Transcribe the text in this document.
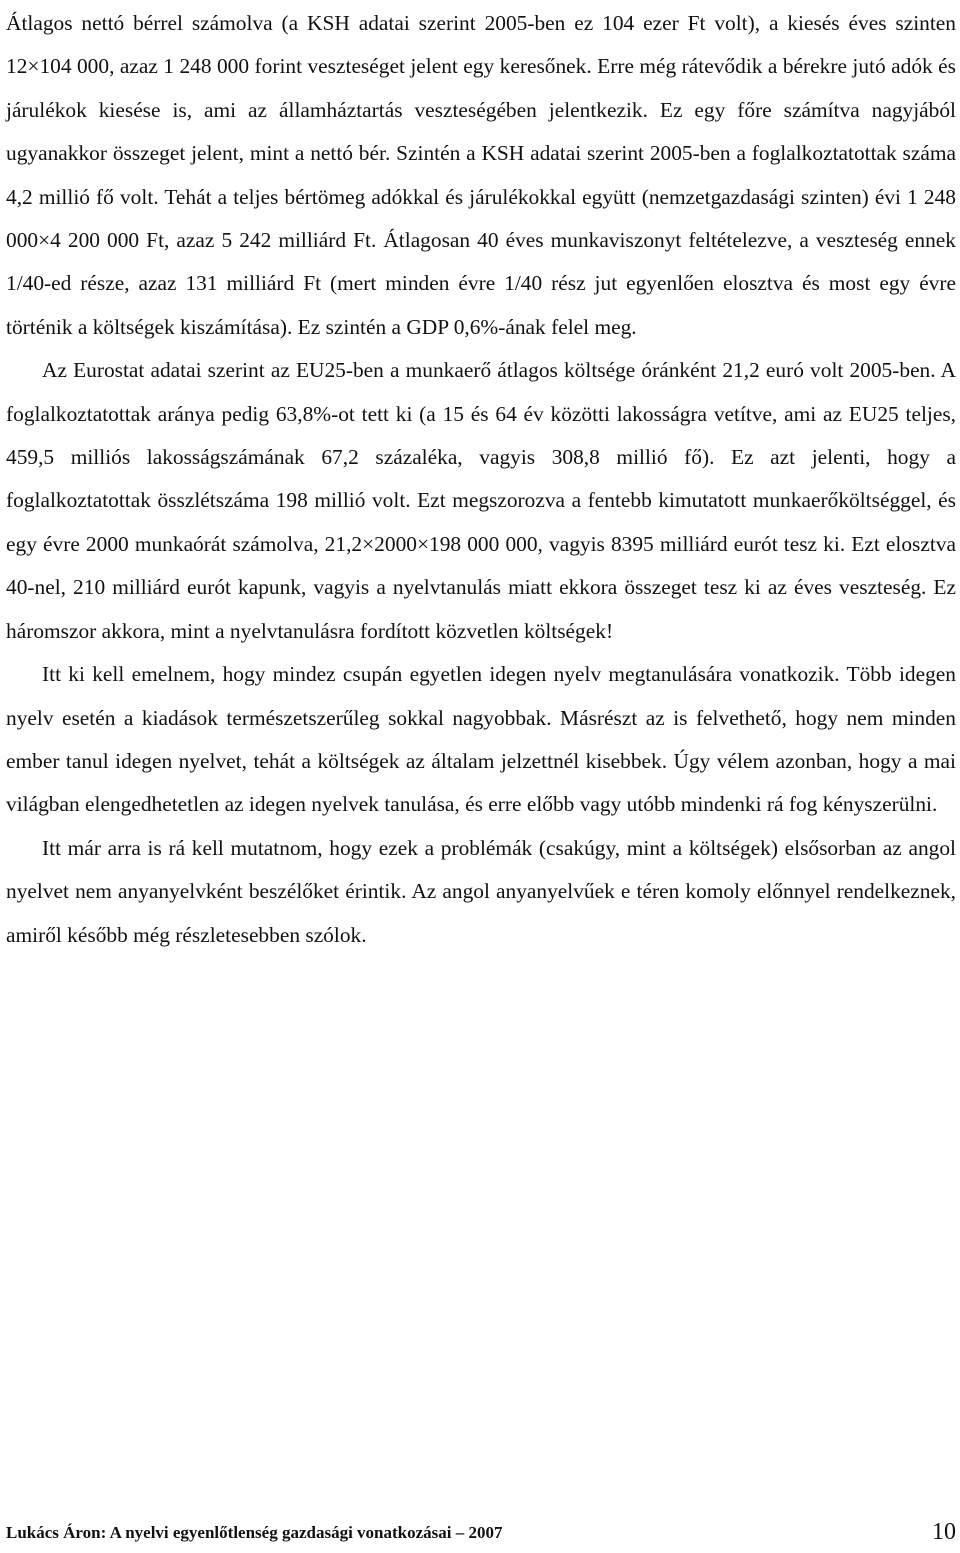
Átlagos nettó bérrel számolva (a KSH adatai szerint 2005-ben ez 104 ezer Ft volt), a kiesés éves szinten 12×104 000, azaz 1 248 000 forint veszteséget jelent egy keresőnek. Erre még rátevődik a bérekre jutó adók és járulékok kiesése is, ami az államháztartás veszteségében jelentkezik. Ez egy főre számítva nagyjából ugyanakkor összeget jelent, mint a nettó bér. Szintén a KSH adatai szerint 2005-ben a foglalkoztatottak száma 4,2 millió fő volt. Tehát a teljes bértömeg adókkal és járulékokkal együtt (nemzetgazdasági szinten) évi 1 248 000×4 200 000 Ft, azaz 5 242 milliárd Ft. Átlagosan 40 éves munkaviszonyt feltételezve, a veszteség ennek 1/40-ed része, azaz 131 milliárd Ft (mert minden évre 1/40 rész jut egyenlően elosztva és most egy évre történik a költségek kiszámítása). Ez szintén a GDP 0,6%-ának felel meg.

Az Eurostat adatai szerint az EU25-ben a munkaerő átlagos költsége óránként 21,2 euró volt 2005-ben. A foglalkoztatottak aránya pedig 63,8%-ot tett ki (a 15 és 64 év közötti lakosságra vetítve, ami az EU25 teljes, 459,5 milliós lakosságszámának 67,2 százaléka, vagyis 308,8 millió fő). Ez azt jelenti, hogy a foglalkoztatottak összlétszáma 198 millió volt. Ezt megszorozva a fentebb kimutatott munkaerőköltséggel, és egy évre 2000 munkaórát számolva, 21,2×2000×198 000 000, vagyis 8395 milliárd eurót tesz ki. Ezt elosztva 40-nel, 210 milliárd eurót kapunk, vagyis a nyelvtanulás miatt ekkora összeget tesz ki az éves veszteség. Ez háromszor akkora, mint a nyelvtanulásra fordított közvetlen költségek!

Itt ki kell emelnem, hogy mindez csupán egyetlen idegen nyelv megtanulására vonatkozik. Több idegen nyelv esetén a kiadások természetszerűleg sokkal nagyobbak. Másrészt az is felvethető, hogy nem minden ember tanul idegen nyelvet, tehát a költségek az általam jelzettnél kisebbek. Úgy vélem azonban, hogy a mai világban elengedhetetlen az idegen nyelvek tanulása, és erre előbb vagy utóbb mindenki rá fog kényszerülni.

Itt már arra is rá kell mutatnom, hogy ezek a problémák (csakúgy, mint a költségek) elsősorban az angol nyelvet nem anyanyelvként beszélőket érintik. Az angol anyanyelvűek e téren komoly előnnyel rendelkeznek, amiről később még részletesebben szólok.

Lukács Áron: A nyelvi egyenlőtlenség gazdasági vonatkozásai – 2007	10
